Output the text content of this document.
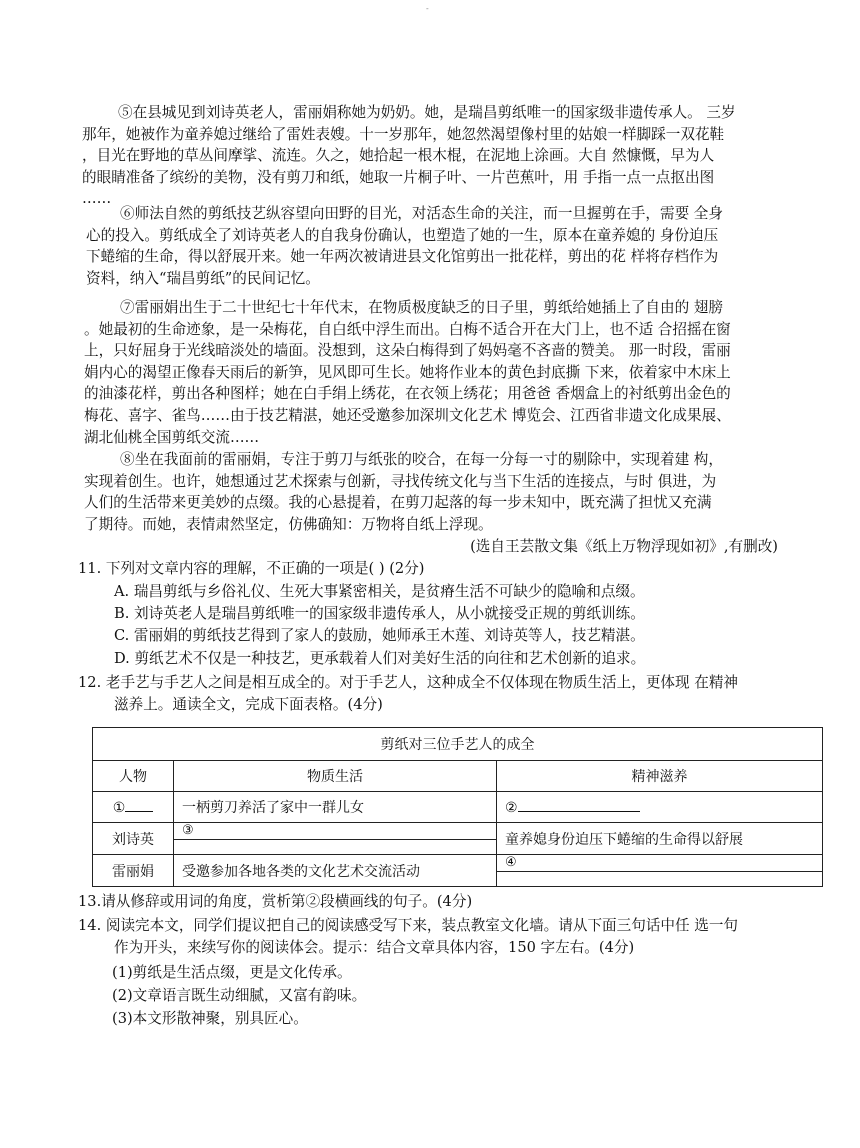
-
⑤在县城见到刘诗英老人，雷丽娟称她为奶奶。她，是瑞昌剪纸唯一的国家级非遗传承人。 三岁
那年，她被作为童养媳过继给了雷姓表嫂。十一岁那年，她忽然渴望像村里的姑娘一样脚踩一双花鞋
，目光在野地的草丛间摩挲、流连。久之，她拾起一根木棍，在泥地上涂画。大自 然慷慨，早为人
的眼睛准备了缤纷的美物，没有剪刀和纸，她取一片桐子叶、一片芭蕉叶，用 手指一点一点抠出图
……
⑥师法自然的剪纸技艺纵容望向田野的目光，对活态生命的关注，而一旦握剪在手，需要 全身
心的投入。剪纸成全了刘诗英老人的自我身份确认，也塑造了她的一生，原本在童养媳的 身份迫压
下蜷缩的生命，得以舒展开来。她一年两次被请进县文化馆剪出一批花样，剪出的花 样将存档作为
资料，纳入“瑞昌剪纸”的民间记忆。
⑦雷丽娟出生于二十世纪七十年代末，在物质极度缺乏的日子里，剪纸给她插上了自由的 翅膀
。她最初的生命迹象，是一朵梅花，自白纸中浮生而出。白梅不适合开在大门上，也不适 合招摇在窗
上，只好屈身于光线暗淡处的墙面。没想到，这朵白梅得到了妈妈毫不吝啬的赞美。 那一时段，雷丽
娟内心的渴望正像春天雨后的新笋，见风即可生长。她将作业本的黄色封底撕 下来，依着家中木床上
的油漆花样，剪出各种图样；她在白手绢上绣花，在衣领上绣花；用爸爸 香烟盒上的衬纸剪出金色的
梅花、喜字、雀鸟……由于技艺精湛，她还受邀参加深圳文化艺术 博览会、江西省非遗文化成果展、
湖北仙桃全国剪纸交流……
⑧坐在我面前的雷丽娟，专注于剪刀与纸张的咬合，在每一分每一寸的剔除中，实现着建 构，
实现着创生。也许，她想通过艺术探索与创新，寻找传统文化与当下生活的连接点，与时 俱进，为
人们的生活带来更美妙的点缀。我的心悬提着，在剪刀起落的每一步未知中，既充满了担忧又充满
了期待。而她，表情肃然坚定，仿佛确知：万物将自纸上浮现。
(选自王芸散文集《纸上万物浮现如初》,有删改)
11. 下列对文章内容的理解，不正确的一项是( ) (2分)
A. 瑞昌剪纸与乡俗礼仪、生死大事紧密相关，是贫瘠生活不可缺少的隐喻和点缀。
B. 刘诗英老人是瑞昌剪纸唯一的国家级非遗传承人，从小就接受正规的剪纸训练。
C. 雷丽娟的剪纸技艺得到了家人的鼓励，她师承王木莲、刘诗英等人，技艺精湛。
D. 剪纸艺术不仅是一种技艺，更承载着人们对美好生活的向往和艺术创新的追求。
12. 老手艺与手艺人之间是相互成全的。对于手艺人，这种成全不仅体现在物质生活上，更体现 在精神
滋养上。通读全文，完成下面表格。(4分)
剪纸对三位手艺人的成全		
人物	物质生活	精神滋养
①	一柄剪刀养活了家中一群儿女	②
刘诗英	③	童养媳身份迫压下蜷缩的生命得以舒展
雷丽娟	受邀参加各地各类的文化艺术交流活动	④
13.请从修辞或用词的角度，赏析第②段横画线的句子。(4分)
14. 阅读完本文，同学们提议把自己的阅读感受写下来，装点教室文化墙。请从下面三句话中任 选一句
作为开头，来续写你的阅读体会。提示：结合文章具体内容，150 字左右。(4分)
(1)剪纸是生活点缀，更是文化传承。
(2)文章语言既生动细腻，又富有韵味。
(3)本文形散神聚，别具匠心。
